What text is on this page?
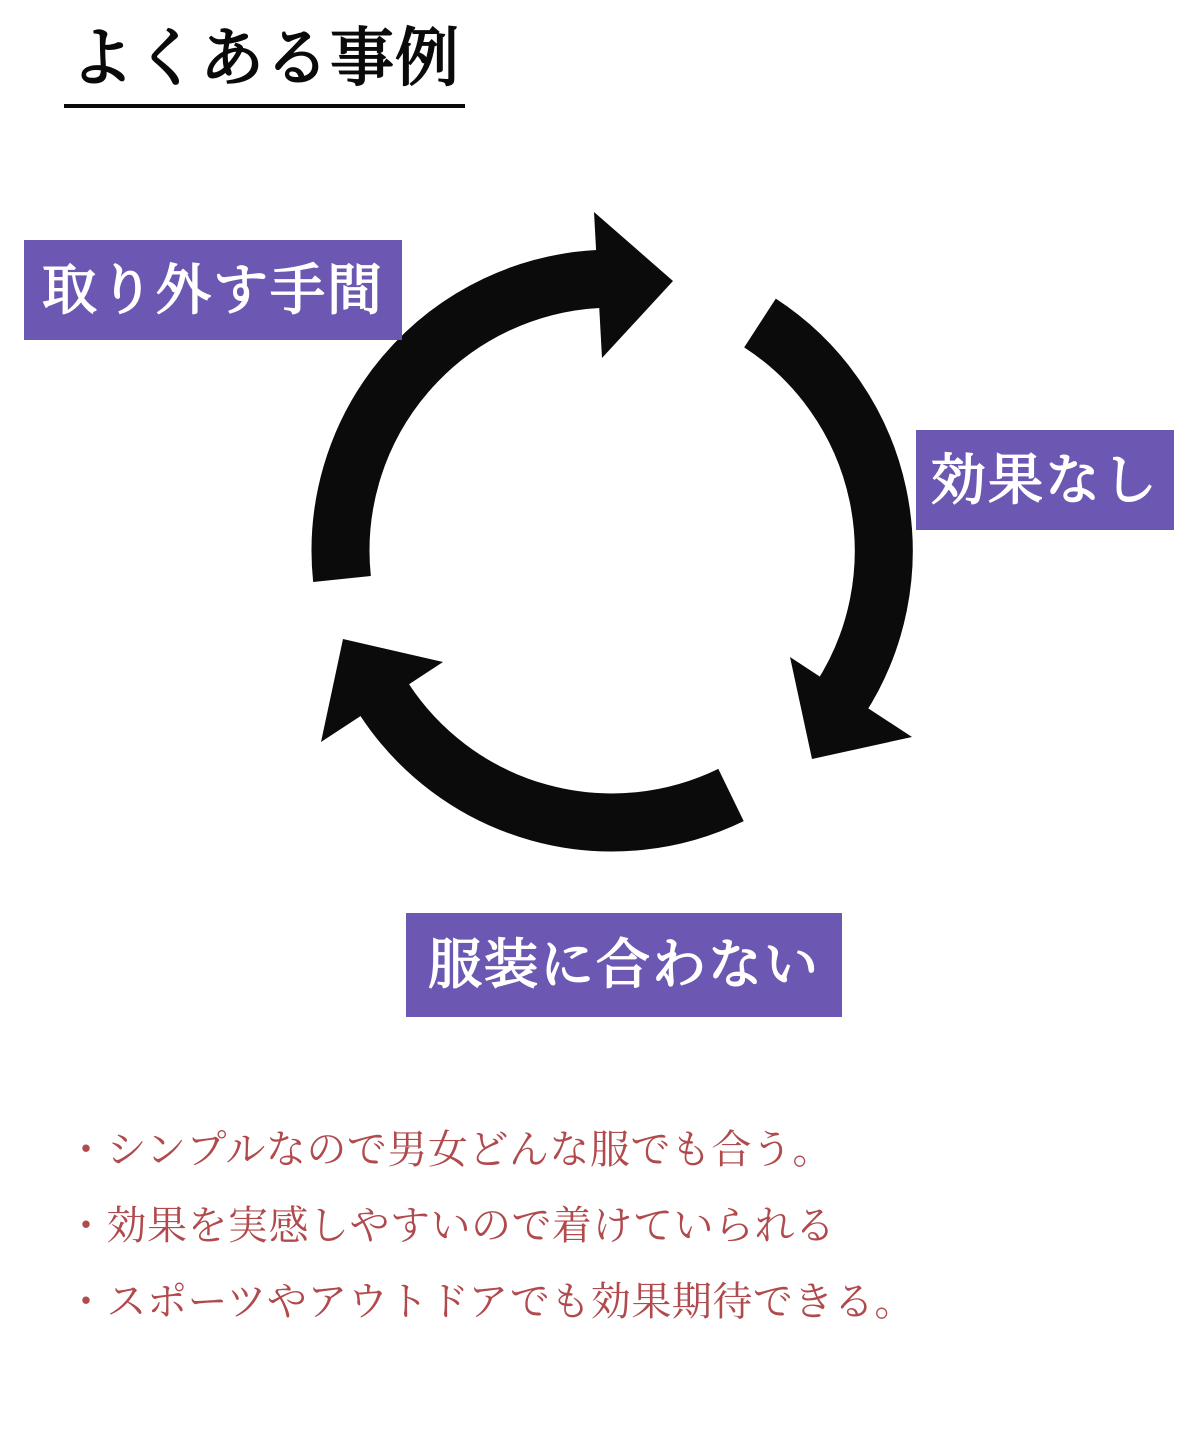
よくある事例
取り外す手間
効果なし
服装に合わない
・シンプルなので男女どんな服でも合う。
・効果を実感しやすいので着けていられる
・スポーツやアウトドアでも効果期待できる。
